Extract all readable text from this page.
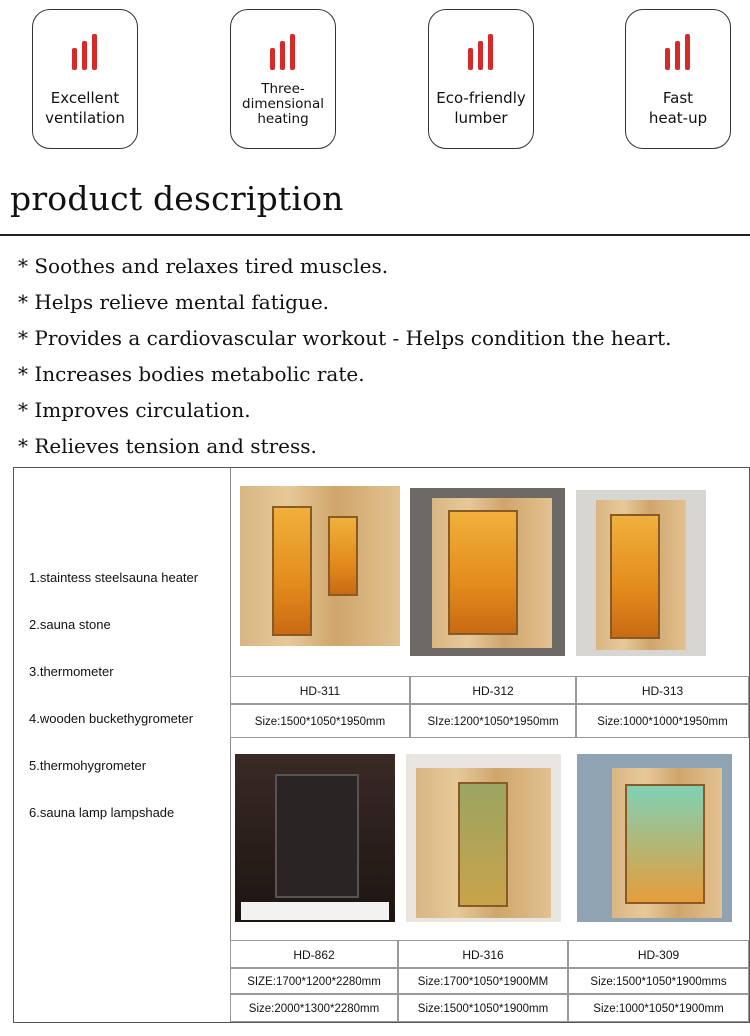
Excellent
ventilation
Three-
dimensional
heating
Eco-friendly
lumber
Fast
heat-up
product description
* Soothes and relaxes tired muscles.
* Helps relieve mental fatigue.
* Provides a cardiovascular workout - Helps condition the heart.
* Increases bodies metabolic rate.
* Improves circulation.
* Relieves tension and stress.
1.staintess steelsauna heater
2.sauna stone
3.thermometer
4.wooden buckethygrometer
5.thermohygrometer
6.sauna lamp lampshade
HD-311	HD-312	HD-313
Size:1500*1050*1950mm	SIze:1200*1050*1950mm	Size:1000*1000*1950mm
HD-862	HD-316	HD-309
SIZE:1700*1200*2280mm	Size:1700*1050*1900MM	Size:1500*1050*1900mms
Size:2000*1300*2280mm	Size:1500*1050*1900mm	Size:1000*1050*1900mm
